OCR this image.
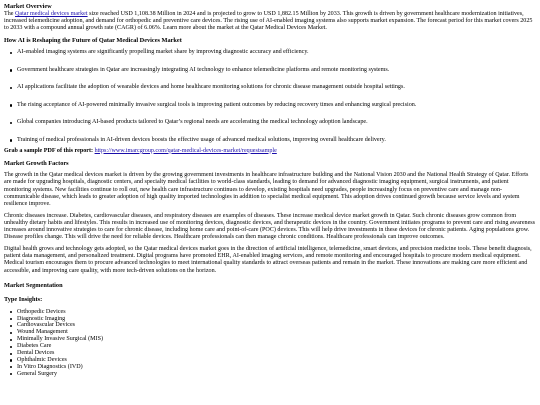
Market Overview

The Qatar medical devices market size reached USD 1,108.38 Million in 2024 and is projected to grow to USD 1,882.15 Million by 2033. This growth is driven by government healthcare modernization initiatives, increased telemedicine adoption, and demand for orthopedic and preventive care devices. The rising use of AI-enabled imaging systems also supports market expansion. The forecast period for this market covers 2025 to 2033 with a compound annual growth rate (CAGR) of 6.06%. Learn more about the market at the Qatar Medical Devices Market.

How AI is Reshaping the Future of Qatar Medical Devices Market
AI-enabled imaging systems are significantly propelling market share by improving diagnostic accuracy and efficiency.
Government healthcare strategies in Qatar are increasingly integrating AI technology to enhance telemedicine platforms and remote monitoring systems.
AI applications facilitate the adoption of wearable devices and home healthcare monitoring solutions for chronic disease management outside hospital settings.
The rising acceptance of AI-powered minimally invasive surgical tools is improving patient outcomes by reducing recovery times and enhancing surgical precision.
Global companies introducing AI-based products tailored to Qatar’s regional needs are accelerating the medical technology adoption landscape.
Training of medical professionals in AI-driven devices boosts the effective usage of advanced medical solutions, improving overall healthcare delivery.

Grab a sample PDF of this report: https://www.imarcgroup.com/qatar-medical-devices-market/requestsample

Market Growth Factors

The growth in the Qatar medical devices market is driven by the growing government investments in healthcare infrastructure building and the National Vision 2030 and the National Health Strategy of Qatar. Efforts are made for upgrading hospitals, diagnostic centers, and specialty medical facilities to world-class standards, leading to demand for advanced diagnostic imaging equipment, surgical instruments, and patient monitoring systems. New facilities continue to roll out, new health care infrastructure continues to develop, existing hospitals need upgrades, people increasingly focus on preventive care and manage non-communicable disease, which leads to greater adoption of high quality imported technologies in addition to specialist medical equipment. This adoption drives continued growth because service levels and system resilience improve.

Chronic diseases increase. Diabetes, cardiovascular diseases, and respiratory diseases are examples of diseases. These increase medical device market growth in Qatar. Such chronic diseases grow common from unhealthy dietary habits and lifestyles. This results in increased use of monitoring devices, diagnostic devices, and therapeutic devices in the country. Government initiates programs to prevent care and rising awareness increases around innovative strategies to care for chronic disease, including home care and point-of-care (POC) devices. This will help drive investments in these devices for chronic patients. Aging populations grow. Disease profiles change. This will drive the need for reliable devices. Healthcare professionals can then manage chronic conditions. Healthcare professionals can improve outcomes.

Digital health grows and technology gets adopted, so the Qatar medical devices market goes in the direction of artificial intelligence, telemedicine, smart devices, and precision medicine tools. These benefit diagnosis, patient data management, and personalized treatment. Digital programs have promoted EHR, AI-enabled imaging services, and remote monitoring and encouraged hospitals to procure modern medical equipment. Medical tourism encourages them to procure advanced technologies to meet international quality standards to attract overseas patients and remain in the market. These innovations are making care more efficient and accessible, and improving care quality, with more tech-driven solutions on the horizon.

Market Segmentation
Type Insights:
Orthopedic Devices
Diagnostic Imaging
Cardiovascular Devices
Wound Management
Minimally Invasive Surgical (MIS)
Diabetes Care
Dental Devices
Ophthalmic Devices
In Vitro Diagnostics (IVD)
General Surgery
